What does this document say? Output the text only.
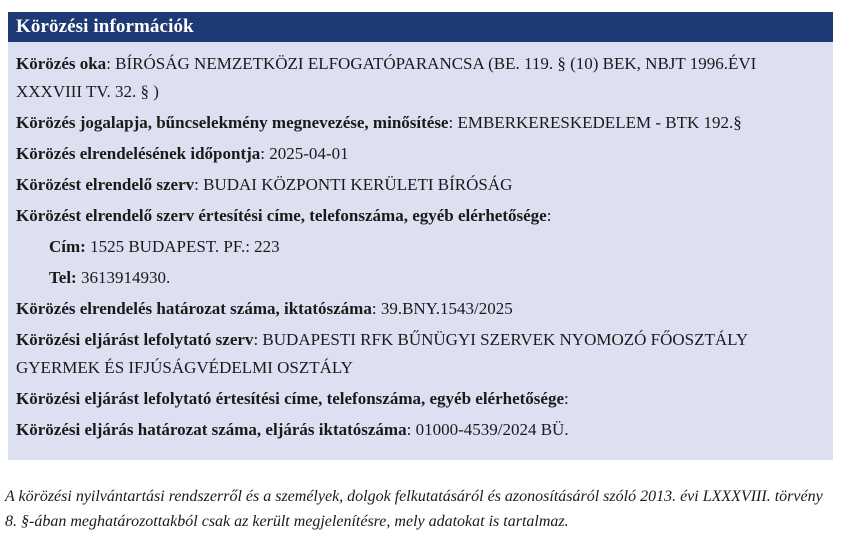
Körözési információk
Körözés oka: BÍRÓSÁG NEMZETKÖZI ELFOGATÓPARANCSA (BE. 119. § (10) BEK, NBJT 1996.ÉVI XXXVIII TV. 32. § )
Körözés jogalapja, bűncselekmény megnevezése, minősítése: EMBERKERESKEDELEM - BTK 192.§
Körözés elrendelésének időpontja: 2025-04-01
Körözést elrendelő szerv: BUDAI KÖZPONTI KERÜLETI BÍRÓSÁG
Körözést elrendelő szerv értesítési címe, telefonszáma, egyéb elérhetősége:
Cím: 1525 BUDAPEST. PF.: 223
Tel: 3613914930.
Körözés elrendelés határozat száma, iktatószáma: 39.BNY.1543/2025
Körözési eljárást lefolytató szerv: BUDAPESTI RFK BŰNÜGYI SZERVEK NYOMOZÓ FŐOSZTÁLY GYERMEK ÉS IFJÚSÁGVÉDELMI OSZTÁLY
Körözési eljárást lefolytató értesítési címe, telefonszáma, egyéb elérhetősége:
Körözési eljárás határozat száma, eljárás iktatószáma: 01000-4539/2024 BÜ.
A körözési nyilvántartási rendszerről és a személyek, dolgok felkutatásáról és azonosításáról szóló 2013. évi LXXXVIII. törvény 8. §-ában meghatározottakból csak az került megjelenítésre, mely adatokat is tartalmaz.
